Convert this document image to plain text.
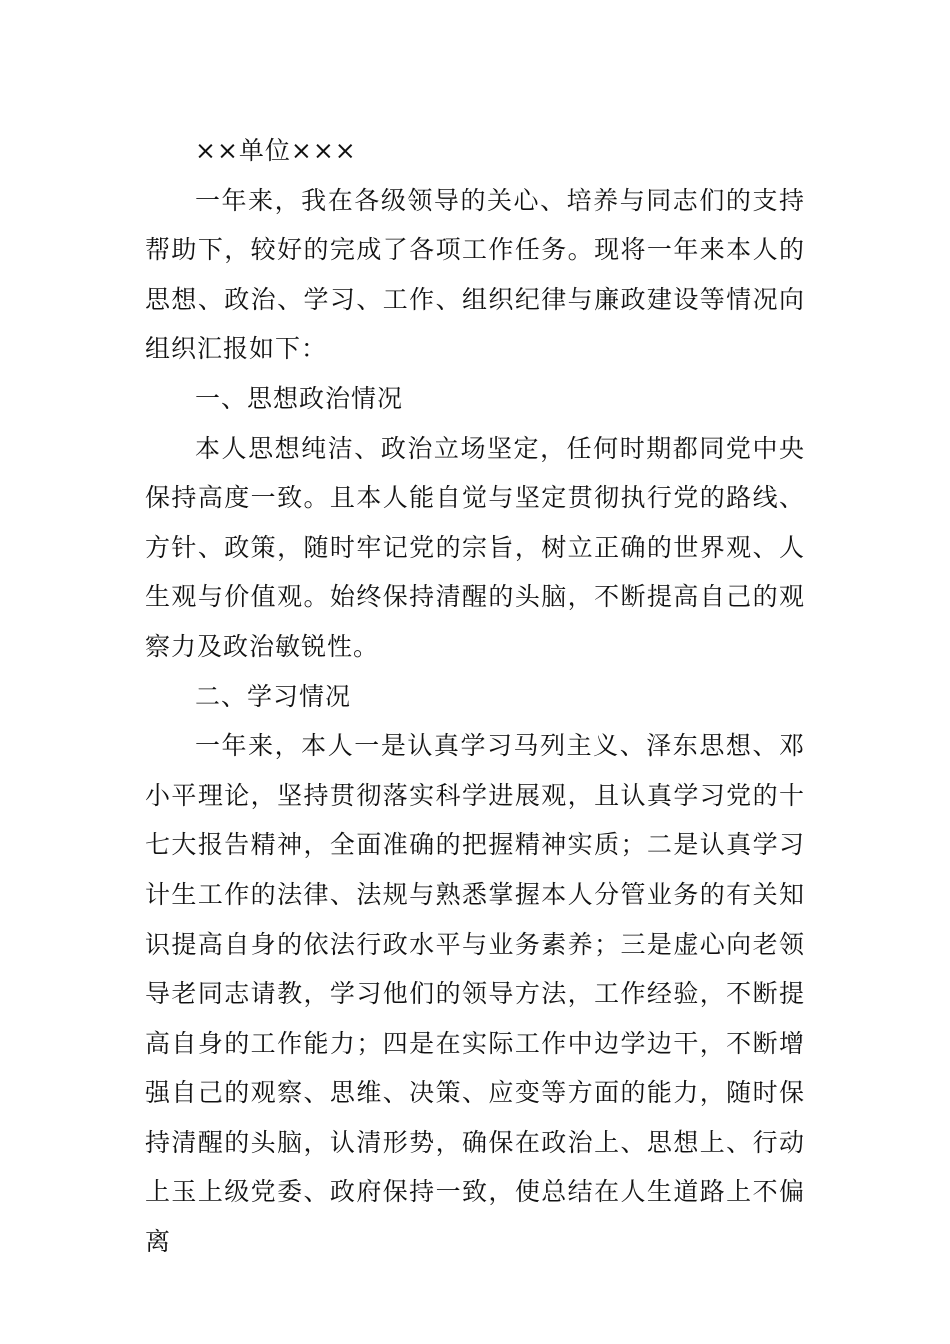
××单位×××

一年来，我在各级领导的关心、培养与同志们的支持帮助下，较好的完成了各项工作任务。现将一年来本人的思想、政治、学习、工作、组织纪律与廉政建设等情况向组织汇报如下：

一、思想政治情况

本人思想纯洁、政治立场坚定，任何时期都同党中央保持高度一致。且本人能自觉与坚定贯彻执行党的路线、方针、政策，随时牢记党的宗旨，树立正确的世界观、人生观与价值观。始终保持清醒的头脑，不断提高自己的观察力及政治敏锐性。

二、学习情况

一年来，本人一是认真学习马列主义、泽东思想、邓小平理论，坚持贯彻落实科学进展观，且认真学习党的十七大报告精神，全面准确的把握精神实质；二是认真学习计生工作的法律、法规与熟悉掌握本人分管业务的有关知识提高自身的依法行政水平与业务素养；三是虚心向老领导老同志请教，学习他们的领导方法，工作经验，不断提高自身的工作能力；四是在实际工作中边学边干，不断增强自己的观察、思维、决策、应变等方面的能力，随时保持清醒的头脑，认清形势，确保在政治上、思想上、行动上玉上级党委、政府保持一致，使总结在人生道路上不偏离
